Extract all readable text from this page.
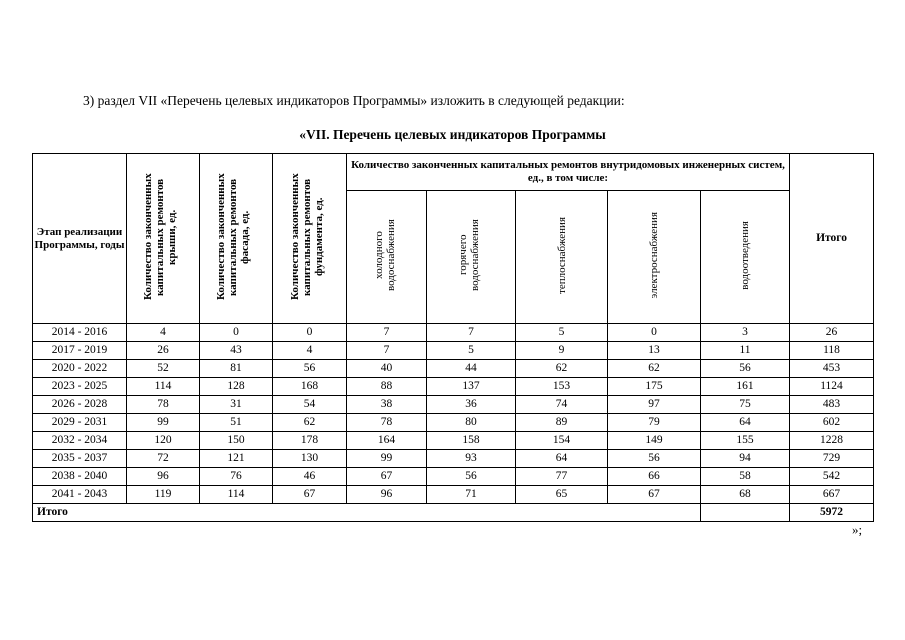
3) раздел VII «Перечень целевых индикаторов Программы» изложить в следующей редакции:
«VII. Перечень целевых индикаторов Программы
Этап реализации Программы, годы	Количество законченных капитальных ремонтов крыши, ед.	Количество законченных капитальных ремонтов фасада, ед.	Количество законченных капитальных ремонтов фундамента, ед.	Количество законченных капитальных ремонтов внутридомовых инженерных систем, ед., в том числе:					Итого
				холодного водоснабжения	горячего водоснабжения	теплоснабжения	электроснабжения	водоотведения	
2014 - 2016	4	0	0	7	7	5	0	3	26
2017 - 2019	26	43	4	7	5	9	13	11	118
2020 - 2022	52	81	56	40	44	62	62	56	453
2023 - 2025	114	128	168	88	137	153	175	161	1124
2026 - 2028	78	31	54	38	36	74	97	75	483
2029 - 2031	99	51	62	78	80	89	79	64	602
2032 - 2034	120	150	178	164	158	154	149	155	1228
2035 - 2037	72	121	130	99	93	64	56	94	729
2038 - 2040	96	76	46	67	56	77	66	58	542
2041 - 2043	119	114	67	96	71	65	67	68	667
Итого									5972
»;
